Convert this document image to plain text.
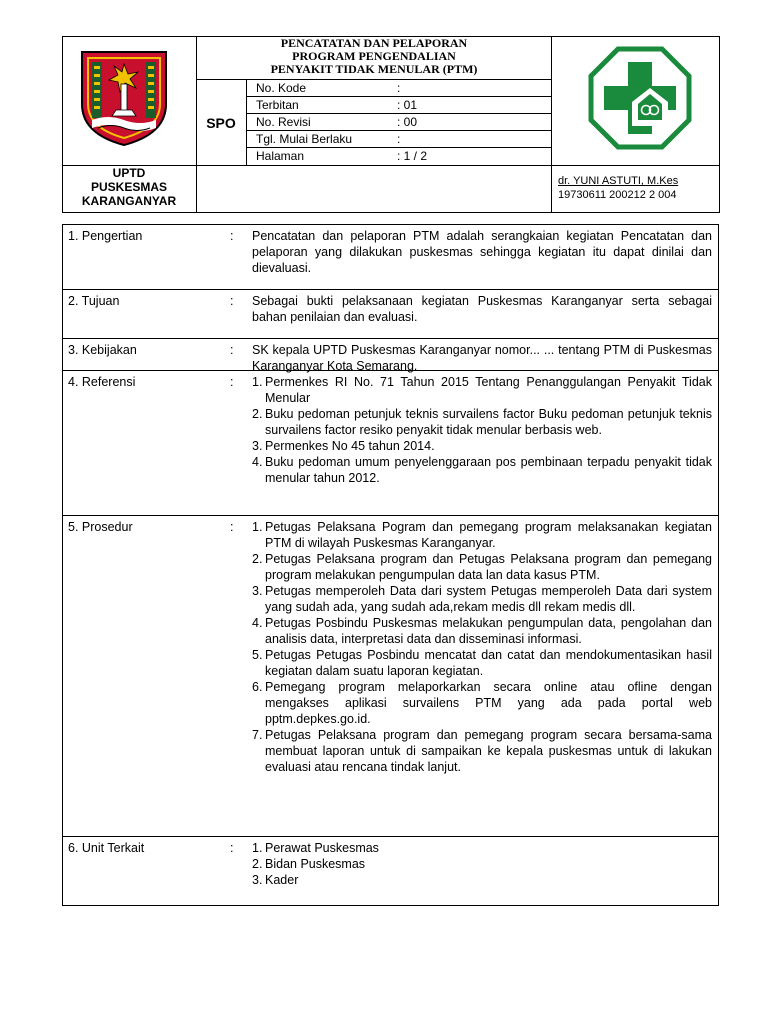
PENCATATAN DAN PELAPORAN
PROGRAM PENGENDALIAN
PENYAKIT TIDAK MENULAR (PTM)
SPO
No. Kode	:
Terbitan	: 01
No. Revisi	: 00
Tgl. Mulai Berlaku	:
Halaman	: 1 / 2
UPTD
PUSKESMAS
KARANGANYAR
dr. YUNI ASTUTI, M.Kes
19730611 200212 2 004
1. Pengertian	: Pencatatan dan pelaporan PTM adalah serangkaian kegiatan Pencatatan dan pelaporan yang dilakukan puskesmas sehingga kegiatan itu dapat dinilai dan dievaluasi.
2. Tujuan	: Sebagai bukti pelaksanaan kegiatan Puskesmas Karanganyar serta sebagai bahan penilaian dan evaluasi.
3. Kebijakan	: SK kepala UPTD Puskesmas Karanganyar nomor... ... tentang PTM di Puskesmas Karanganyar Kota Semarang.
4. Referensi	: 1. Permenkes RI No. 71 Tahun 2015 Tentang Penanggulangan Penyakit Tidak Menular
2. Buku pedoman petunjuk teknis survailens factor Buku pedoman petunjuk teknis survailens factor resiko penyakit tidak menular berbasis web.
3. Permenkes No 45 tahun 2014.
4. Buku pedoman umum penyelenggaraan pos pembinaan terpadu penyakit tidak menular tahun 2012.
5. Prosedur	: 1. Petugas Pelaksana Pogram dan pemegang program melaksanakan kegiatan PTM di wilayah Puskesmas Karanganyar.
2. Petugas Pelaksana program dan Petugas Pelaksana program dan pemegang program melakukan pengumpulan data lan data kasus PTM.
3. Petugas memperoleh Data dari system Petugas memperoleh Data dari system yang sudah ada, yang sudah ada,rekam medis dll rekam medis dll.
4. Petugas Posbindu Puskesmas melakukan pengumpulan data, pengolahan dan analisis data, interpretasi data dan disseminasi informasi.
5. Petugas Petugas Posbindu mencatat dan catat dan mendokumentasikan hasil kegiatan dalam suatu laporan kegiatan.
6. Pemegang program melaporkarkan secara online atau ofline dengan mengakses aplikasi survailens PTM yang ada pada portal web pptm.depkes.go.id.
7. Petugas Pelaksana program dan pemegang program secara bersama-sama membuat laporan untuk di sampaikan ke kepala puskesmas untuk di lakukan evaluasi atau rencana tindak lanjut.
6. Unit Terkait	: 1. Perawat Puskesmas
2. Bidan Puskesmas
3. Kader
